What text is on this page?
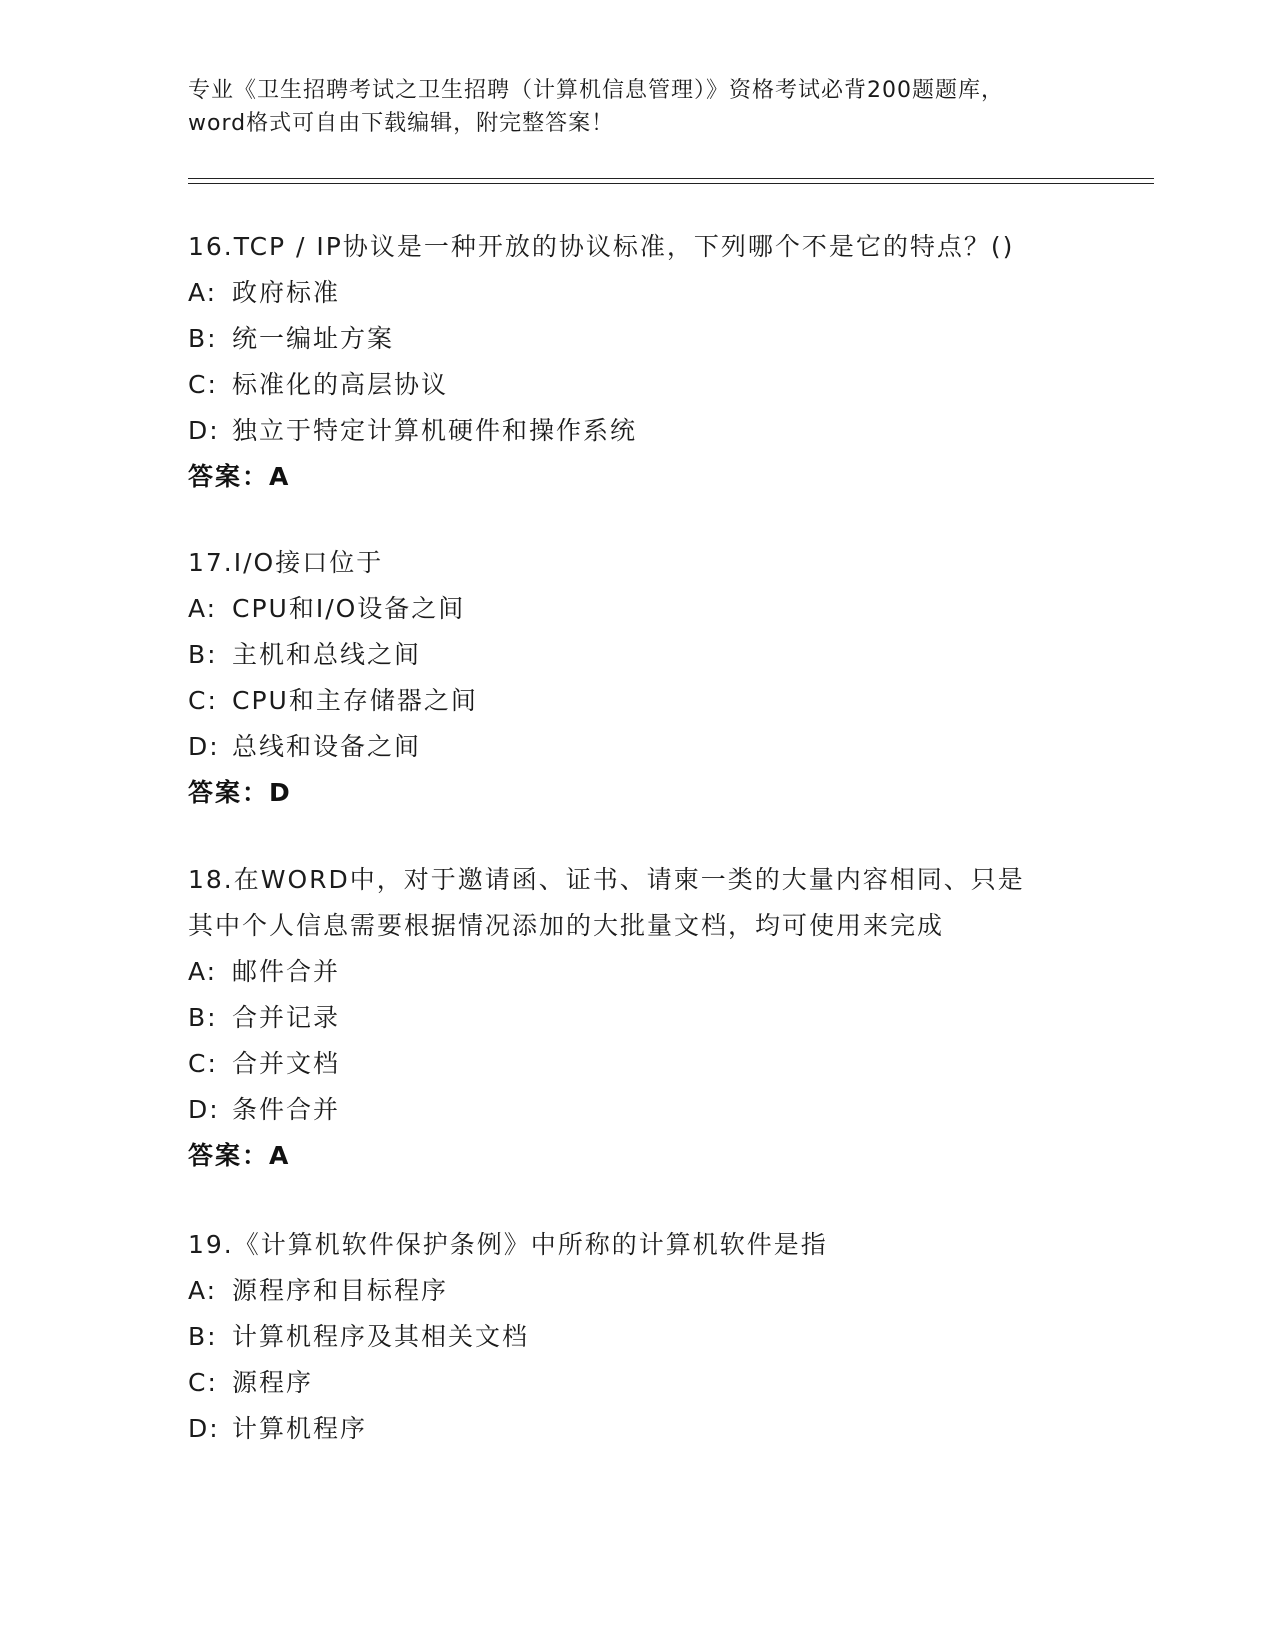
专业《卫生招聘考试之卫生招聘（计算机信息管理）》资格考试必背200题题库，
word格式可自由下载编辑，附完整答案！
16.TCP / IP协议是一种开放的协议标准，下列哪个不是它的特点？()
A: 政府标准
B: 统一编址方案
C: 标准化的高层协议
D: 独立于特定计算机硬件和操作系统
答案：A
17.I/O接口位于
A: CPU和I/O设备之间
B: 主机和总线之间
C: CPU和主存储器之间
D: 总线和设备之间
答案：D
18.在WORD中，对于邀请函、证书、请柬一类的大量内容相同、只是
其中个人信息需要根据情况添加的大批量文档，均可使用来完成
A: 邮件合并
B: 合并记录
C: 合并文档
D: 条件合并
答案：A
19.《计算机软件保护条例》中所称的计算机软件是指
A: 源程序和目标程序
B: 计算机程序及其相关文档
C: 源程序
D: 计算机程序
